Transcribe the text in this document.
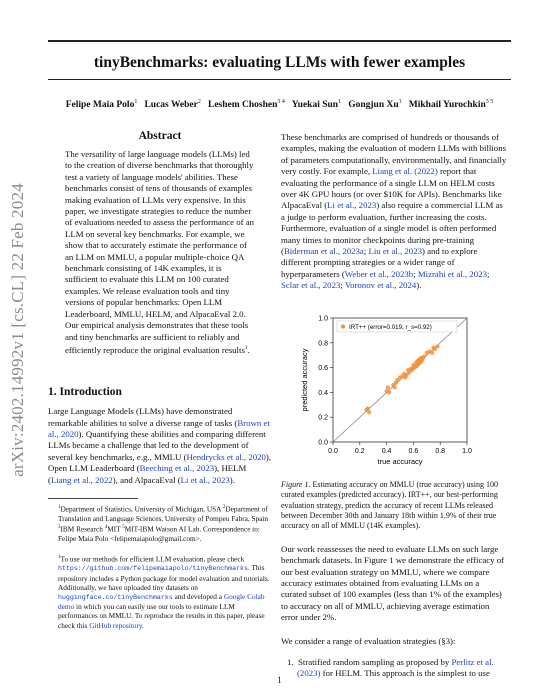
arXiv:2402.14992v1 [cs.CL] 22 Feb 2024
tinyBenchmarks: evaluating LLMs with fewer examples
Felipe Maia Polo$^1$ Lucas Weber$^2$ Leshem Choshen$^{3 4}$ Yuekai Sun$^1$ Gongjun Xu$^1$ Mikhail Yurochkin$^{3 5}$
Abstract

The versatility of large language models (LLMs) led to the creation of diverse benchmarks that thoroughly test a variety of language models' abilities. These benchmarks consist of tens of thousands of examples making evaluation of LLMs very expensive. In this paper, we investigate strategies to reduce the number of evaluations needed to assess the performance of an LLM on several key benchmarks. For example, we show that to accurately estimate the performance of an LLM on MMLU, a popular multiple-choice QA benchmark consisting of 14K examples, it is sufficient to evaluate this LLM on 100 curated examples. We release evaluation tools and tiny versions of popular benchmarks: Open LLM Leaderboard, MMLU, HELM, and AlpacaEval 2.0. Our empirical analysis demonstrates that these tools and tiny benchmarks are sufficient to reliably and efficiently reproduce the original evaluation results$^1$.

1. Introduction

Large Language Models (LLMs) have demonstrated remarkable abilities to solve a diverse range of tasks (Brown et al., 2020). Quantifying these abilities and comparing different LLMs became a challenge that led to the development of several key benchmarks, e.g., MMLU (Hendrycks et al., 2020), Open LLM Leaderboard (Beeching et al., 2023), HELM (Liang et al., 2022), and AlpacaEval (Li et al., 2023).

$^1$Department of Statistics, University of Michigan, USA $^2$Department of Translation and Language Sciences, University of Pompeu Fabra, Spain $^3$IBM Research $^4$MIT $^5$MIT-IBM Watson AI Lab. Correspondence to: Felipe Maia Polo <felipemaiapolo@gmail.com>.

$^1$To use our methods for efficient LLM evaluation, please check https://github.com/felipemaiapolo/tinyBenchmarks. This repository includes a Python package for model evaluation and tutorials. Additionally, we have uploaded tiny datasets on huggingface.co/tinyBenchmarks and developed a Google Colab demo in which you can easily use our tools to estimate LLM performances on MMLU. To reproduce the results in this paper, please check this GitHub repository.

These benchmarks are comprised of hundreds or thousands of examples, making the evaluation of modern LLMs with billions of parameters computationally, environmentally, and financially very costly. For example, Liang et al. (2022) report that evaluating the performance of a single LLM on HELM costs over 4K GPU hours (or over $10K for APIs). Benchmarks like AlpacaEval (Li et al., 2023) also require a commercial LLM as a judge to perform evaluation, further increasing the costs. Furthermore, evaluation of a single model is often performed many times to monitor checkpoints during pre-training (Biderman et al., 2023a; Liu et al., 2023) and to explore different prompting strategies or a wider range of hyperparameters (Weber et al., 2023b; Mizrahi et al., 2023; Sclar et al., 2023; Voronov et al., 2024).

0.0 0.2 0.4 0.6 0.8 1.0
0.0
0.2
0.4
0.6
0.8
1.0
true accuracy
predicted accuracy
IRT++ (error=0.019, r_s=0.92)

Figure 1. Estimating accuracy on MMLU (true accuracy) using 100 curated examples (predicted accuracy). IRT++, our best-performing evaluation strategy, predicts the accuracy of recent LLMs released between December 30th and January 18th within 1.9% of their true accuracy on all of MMLU (14K examples).

Our work reassesses the need to evaluate LLMs on such large benchmark datasets. In Figure 1 we demonstrate the efficacy of our best evaluation strategy on MMLU, where we compare accuracy estimates obtained from evaluating LLMs on a curated subset of 100 examples (less than 1% of the examples) to accuracy on all of MMLU, achieving average estimation error under 2%.

We consider a range of evaluation strategies (§3):

1. Stratified random sampling as proposed by Perlitz et al. (2023) for HELM. This approach is the simplest to use

1
